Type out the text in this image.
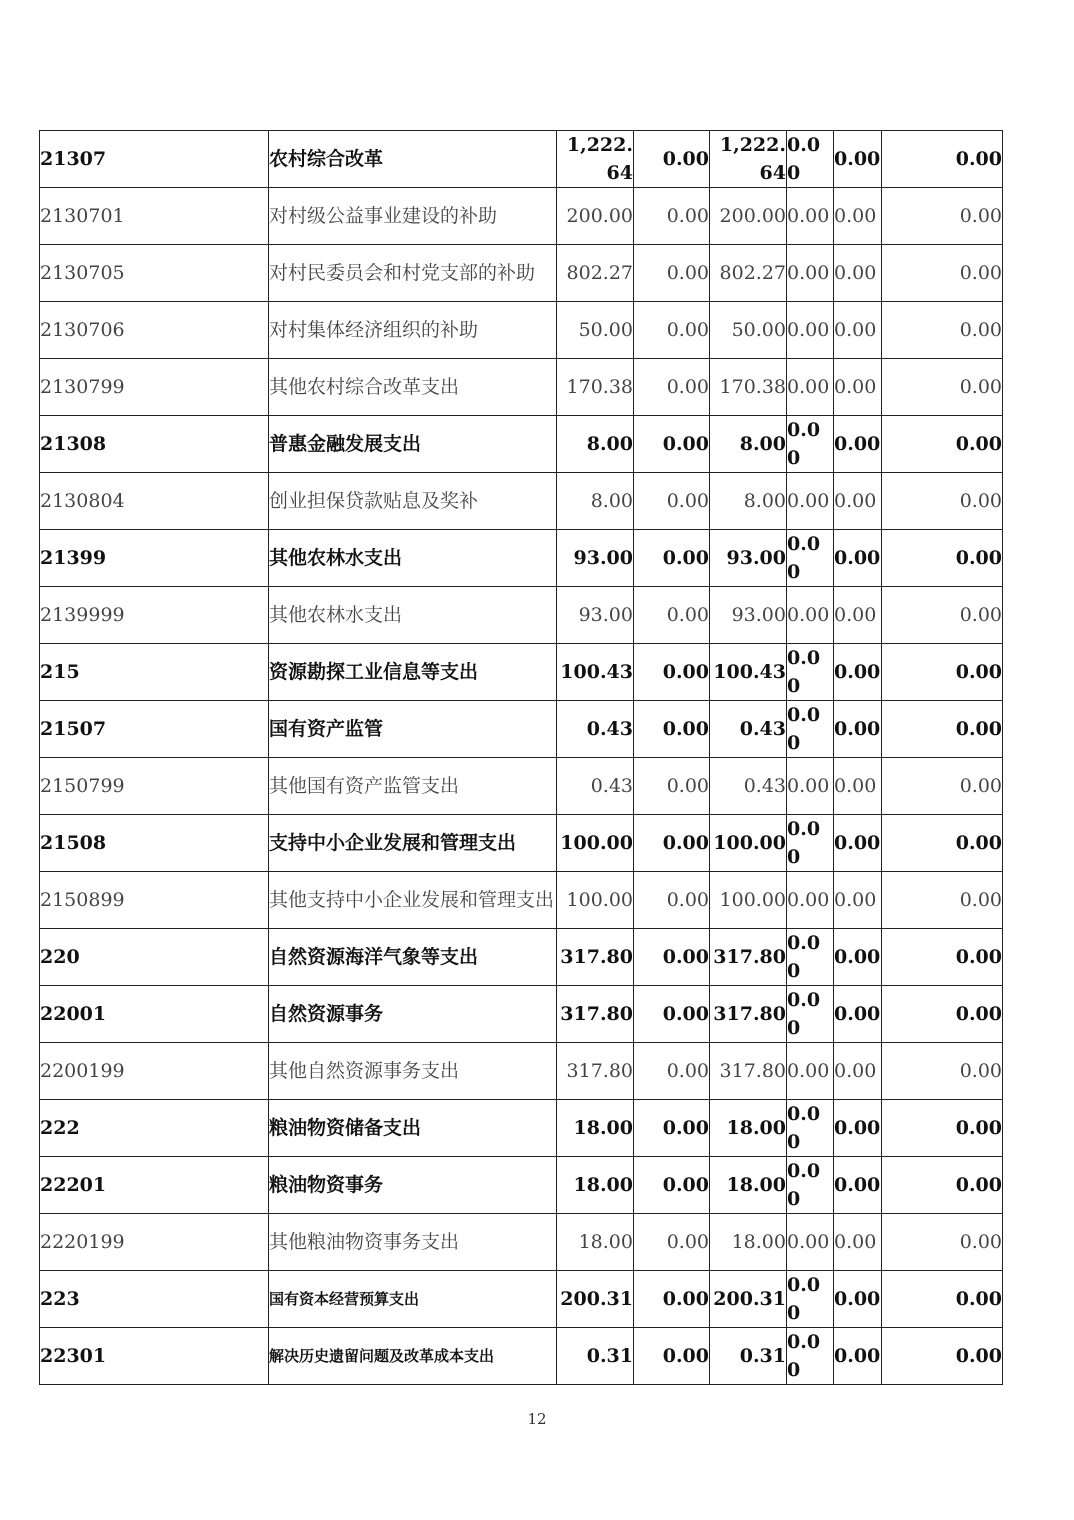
21307	农村综合改革	1,222.64	0.00	1,222.64	0.00	0.00	0.00
2130701	对村级公益事业建设的补助	200.00	0.00	200.00	0.00	0.00	0.00
2130705	对村民委员会和村党支部的补助	802.27	0.00	802.27	0.00	0.00	0.00
2130706	对村集体经济组织的补助	50.00	0.00	50.00	0.00	0.00	0.00
2130799	其他农村综合改革支出	170.38	0.00	170.38	0.00	0.00	0.00
21308	普惠金融发展支出	8.00	0.00	8.00	0.00	0.00	0.00
2130804	创业担保贷款贴息及奖补	8.00	0.00	8.00	0.00	0.00	0.00
21399	其他农林水支出	93.00	0.00	93.00	0.00	0.00	0.00
2139999	其他农林水支出	93.00	0.00	93.00	0.00	0.00	0.00
215	资源勘探工业信息等支出	100.43	0.00	100.43	0.00	0.00	0.00
21507	国有资产监管	0.43	0.00	0.43	0.00	0.00	0.00
2150799	其他国有资产监管支出	0.43	0.00	0.43	0.00	0.00	0.00
21508	支持中小企业发展和管理支出	100.00	0.00	100.00	0.00	0.00	0.00
2150899	其他支持中小企业发展和管理支出	100.00	0.00	100.00	0.00	0.00	0.00
220	自然资源海洋气象等支出	317.80	0.00	317.80	0.00	0.00	0.00
22001	自然资源事务	317.80	0.00	317.80	0.00	0.00	0.00
2200199	其他自然资源事务支出	317.80	0.00	317.80	0.00	0.00	0.00
222	粮油物资储备支出	18.00	0.00	18.00	0.00	0.00	0.00
22201	粮油物资事务	18.00	0.00	18.00	0.00	0.00	0.00
2220199	其他粮油物资事务支出	18.00	0.00	18.00	0.00	0.00	0.00
223	国有资本经营预算支出	200.31	0.00	200.31	0.00	0.00	0.00
22301	解决历史遗留问题及改革成本支出	0.31	0.00	0.31	0.00	0.00	0.00
12
